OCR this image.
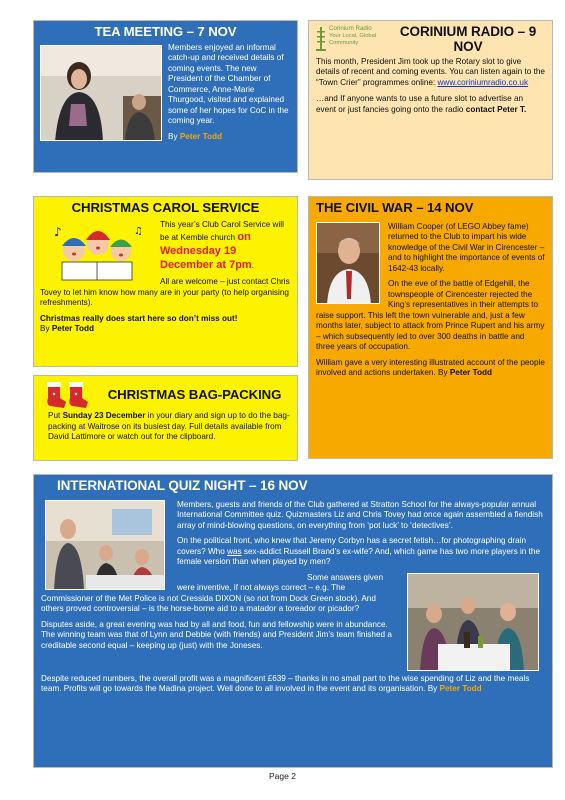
TEA MEETING – 7 NOV

Members enjoyed an informal catch-up and received details of coming events. The new President of the Chamber of Commerce, Anne-Marie Thurgood, visited and explained some of her hopes for CoC in the coming year.

By Peter Todd

Corinium Radio
Your Local, Global
Community
CORINIUM RADIO – 9 NOV

This month, President Jim took up the Rotary slot to give details of recent and coming events. You can listen again to the “Town Crier” programmes online: www.coriniumradio.co.uk

…and If anyone wants to use a future slot to advertise an event or just fancies going onto the radio contact Peter T.

CHRISTMAS CAROL SERVICE
♪	♫

This year’s Club Carol Service will be at Kemble church on Wednesday 19 December at 7pm.

All are welcome – just contact Chris Tovey to let him know how many are in your party (to help organising refreshments).

Christmas really does start here so don’t miss out!
By Peter Todd

CHRISTMAS BAG-PACKING

Put Sunday 23 December in your diary and sign up to do the bag-packing at Waitrose on its busiest day. Full details available from David Lattimore or watch out for the clipboard.

THE CIVIL WAR – 14 NOV

William Cooper (of LEGO Abbey fame) returned to the Club to impart his wide knowledge of the Civil War in Cirencester – and to highlight the importance of events of 1642-43 locally.

On the eve of the battle of Edgehill, the townspeople of Cirencester rejected the King’s representatives in their attempts to raise support. This left the town vulnerable and, just a few months later, subject to attack from Prince Rupert and his army – which subsequently led to over 300 deaths in battle and three years of occupation.

William gave a very interesting illustrated account of the people involved and actions undertaken. By Peter Todd

INTERNATIONAL QUIZ NIGHT – 16 NOV

Members, guests and friends of the Club gathered at Stratton School for the always-popular annual International Committee quiz. Quizmasters Liz and Chris Tovey had once again assembled a fiendish array of mind-blowing questions, on everything from ‘pot luck’ to ‘detectives’.

On the political front, who knew that Jeremy Corbyn has a secret fetish…for photographing drain covers? Who was sex-addict Russell Brand’s ex-wife? And, which game has two more players in the female version than when played by men?

Some answers given were inventive, if not always correct – e.g. The Commissioner of the Met Police is not Cressida DIXON (so not from Dock Green stock). And others proved controversial – is the horse-borne aid to a matador a toreador or picador?

Disputes aside, a great evening was had by all and food, fun and fellowship were in abundance. The winning team was that of Lynn and Debbie (with friends) and President Jim’s team finished a creditable second equal – keeping up (just) with the Joneses.

Despite reduced numbers, the overall profit was a magnificent £639 – thanks in no small part to the wise spending of Liz and the meals team. Profits will go towards the Madina project. Well done to all involved in the event and its organisation. By Peter Todd

Page 2
